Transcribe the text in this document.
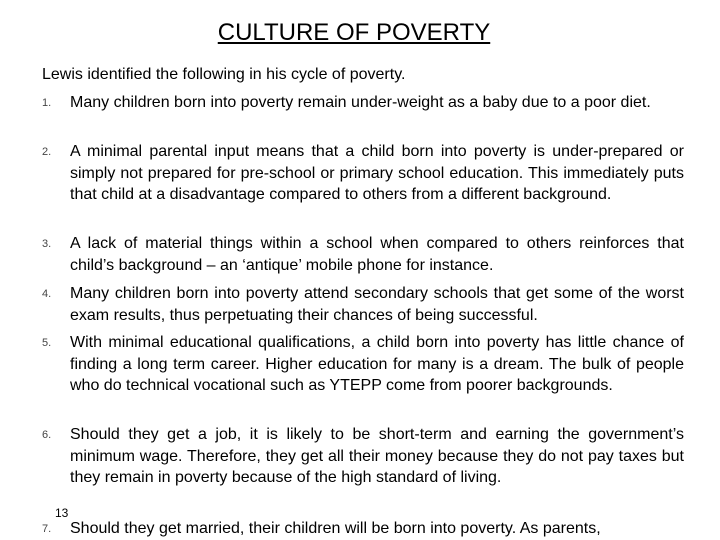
CULTURE OF POVERTY
Lewis identified the following in his cycle of poverty.
1. Many children born into poverty remain under-weight as a baby due to a poor diet.
2. A minimal parental input means that a child born into poverty is under-prepared or simply not prepared for pre-school or primary school education. This immediately puts that child at a disadvantage compared to others from a different background.
3. A lack of material things within a school when compared to others reinforces that child’s background – an ‘antique’ mobile phone for instance.
4. Many children born into poverty attend secondary schools that get some of the worst exam results, thus perpetuating their chances of being successful.
5. With minimal educational qualifications, a child born into poverty has little chance of finding a long term career. Higher education for many is a dream. The bulk of people who do technical vocational such as YTEPP come from poorer backgrounds.
6. Should they get a job, it is likely to be short-term and earning the government’s minimum wage. Therefore, they get all their money because they do not pay taxes but they remain in poverty because of the high standard of living.
7. Should they get married, their children will be born into poverty. As parents,
13
